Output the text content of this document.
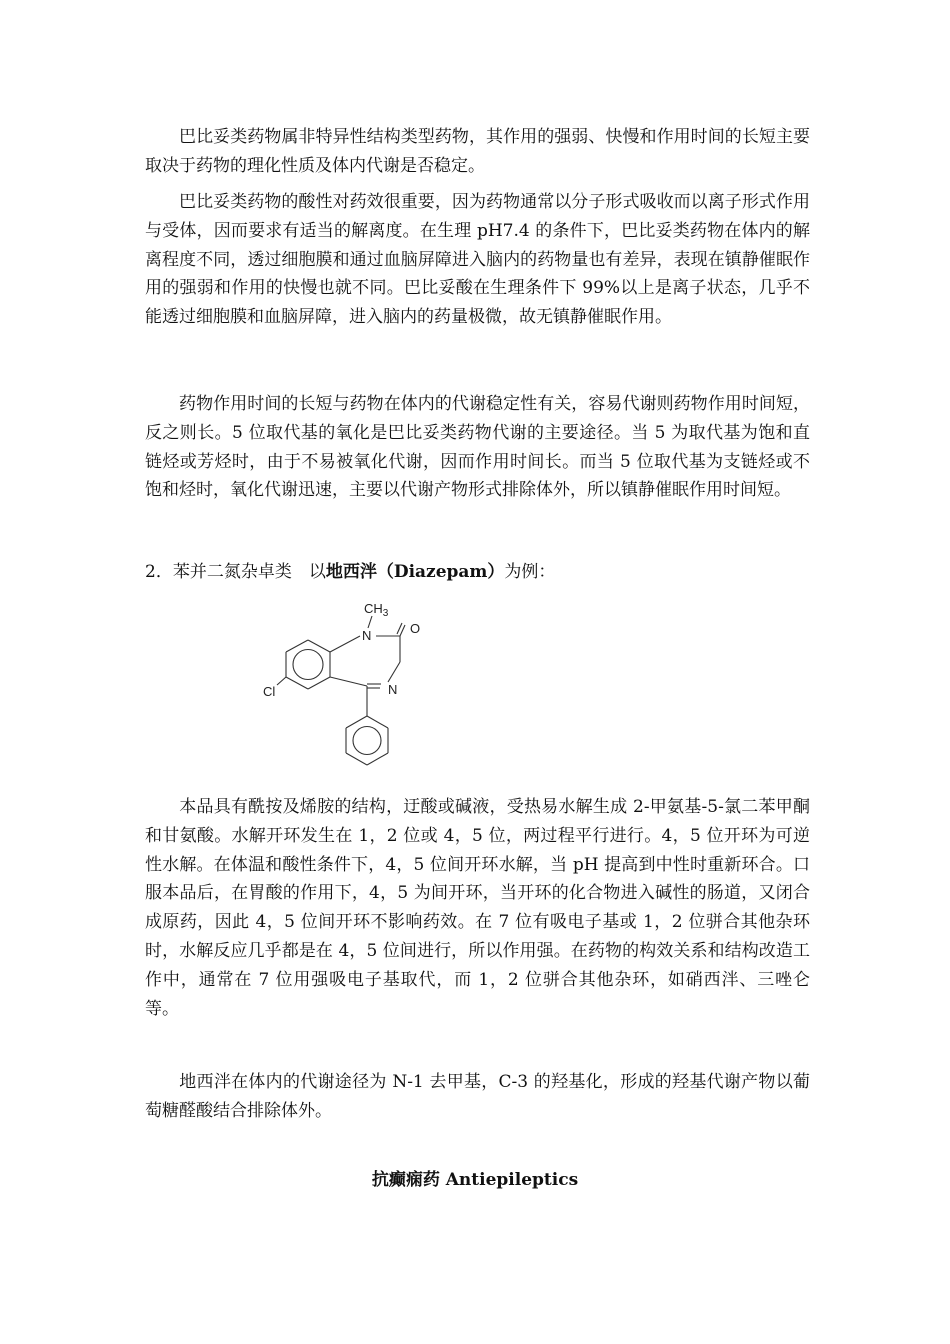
巴比妥类药物属非特异性结构类型药物，其作用的强弱、快慢和作用时间的长短主要取决于药物的理化性质及体内代谢是否稳定。

巴比妥类药物的酸性对药效很重要，因为药物通常以分子形式吸收而以离子形式作用与受体，因而要求有适当的解离度。在生理 pH7.4 的条件下，巴比妥类药物在体内的解离程度不同，透过细胞膜和通过血脑屏障进入脑内的药物量也有差异，表现在镇静催眠作用的强弱和作用的快慢也就不同。巴比妥酸在生理条件下 99%以上是离子状态，几乎不能透过细胞膜和血脑屏障，进入脑内的药量极微，故无镇静催眠作用。

药物作用时间的长短与药物在体内的代谢稳定性有关，容易代谢则药物作用时间短，反之则长。5 位取代基的氧化是巴比妥类药物代谢的主要途径。当 5 为取代基为饱和直链烃或芳烃时，由于不易被氧化代谢，因而作用时间长。而当 5 位取代基为支链烃或不饱和烃时，氧化代谢迅速，主要以代谢产物形式排除体外，所以镇静催眠作用时间短。

2．苯并二氮杂卓类　以地西泮（Diazepam）为例：

$CH_3$
N	O
N
Cl

本品具有酰按及烯胺的结构，迂酸或碱液，受热易水解生成 2-甲氨基-5-氯二苯甲酮和甘氨酸。水解开环发生在 1，2 位或 4，5 位，两过程平行进行。4，5 位开环为可逆性水解。在体温和酸性条件下，4，5 位间开环水解，当 pH 提高到中性时重新环合。口服本品后，在胃酸的作用下，4，5 为间开环，当开环的化合物进入碱性的肠道，又闭合成原药，因此 4，5 位间开环不影响药效。在 7 位有吸电子基或 1，2 位骈合其他杂环时，水解反应几乎都是在 4，5 位间进行，所以作用强。在药物的构效关系和结构改造工作中，通常在 7 位用强吸电子基取代，而 1，2 位骈合其他杂环，如硝西泮、三唑仑等。

地西泮在体内的代谢途径为 N-1 去甲基，C-3 的羟基化，形成的羟基代谢产物以葡萄糖醛酸结合排除体外。

抗癫痫药 Antiepileptics
